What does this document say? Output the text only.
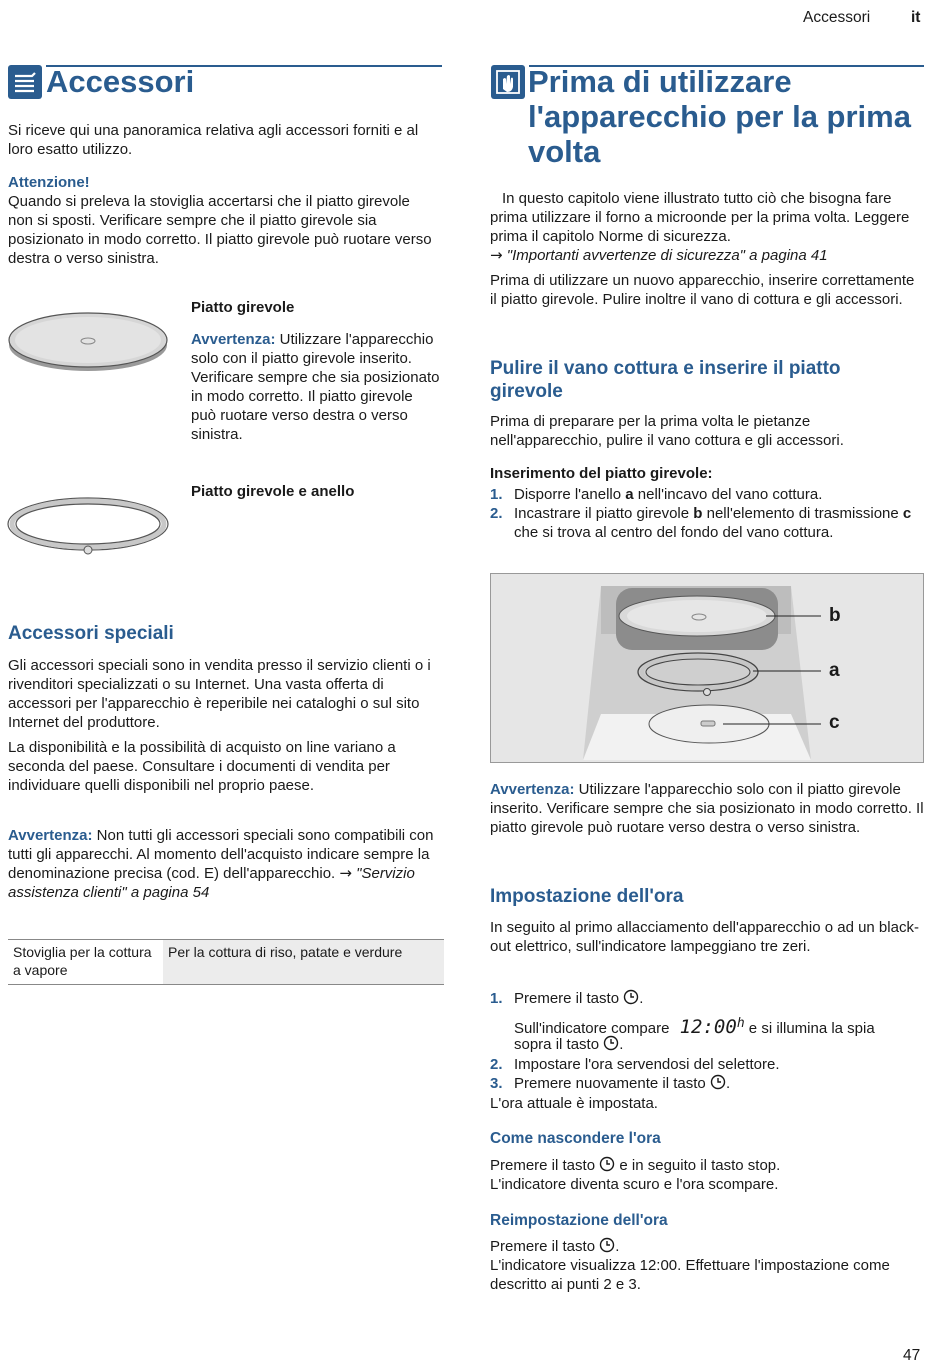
Accessori	it
Accessori

Si riceve qui una panoramica relativa agli accessori forniti e al loro esatto utilizzo.

Attenzione!

Quando si preleva la stoviglia accertarsi che il piatto girevole non si sposti. Verificare sempre che il piatto girevole sia posizionato in modo corretto. Il piatto girevole può ruotare verso destra o verso sinistra.

Piatto girevole

Avvertenza: Utilizzare l'apparecchio solo con il piatto girevole inserito. Verificare sempre che sia posizionato in modo corretto. Il piatto girevole può ruotare verso destra o verso sinistra.

Piatto girevole e anello

Accessori speciali

Gli accessori speciali sono in vendita presso il servizio clienti o i rivenditori specializzati o su Internet. Una vasta offerta di accessori per l'apparecchio è reperibile nei cataloghi o sul sito Internet del produttore.

La disponibilità e la possibilità di acquisto on line variano a seconda del paese. Consultare i documenti di vendita per individuare quelli disponibili nel proprio paese.

Avvertenza: Non tutti gli accessori speciali sono compatibili con tutti gli apparecchi. Al momento dell'acquisto indicare sempre la denominazione precisa (cod. E) dell'apparecchio. → "Servizio assistenza clienti" a pagina 54

Stoviglia per la cottura a vapore	Per la cottura di riso, patate e verdure

Prima di utilizzare l'apparecchio per la prima volta

In questo capitolo viene illustrato tutto ciò che bisogna fare prima utilizzare il forno a microonde per la prima volta. Leggere prima il capitolo Norme di sicurezza.
→ "Importanti avvertenze di sicurezza" a pagina 41

Prima di utilizzare un nuovo apparecchio, inserire correttamente il piatto girevole. Pulire inoltre il vano di cottura e gli accessori.

Pulire il vano cottura e inserire il piatto girevole

Prima di preparare per la prima volta le pietanze nell'apparecchio, pulire il vano cottura e gli accessori.

Inserimento del piatto girevole:

1. Disporre l'anello a nell'incavo del vano cottura.
2. Incastrare il piatto girevole b nell'elemento di trasmissione c che si trova al centro del fondo del vano cottura.
b
a
c

Avvertenza: Utilizzare l'apparecchio solo con il piatto girevole inserito. Verificare sempre che sia posizionato in modo corretto. Il piatto girevole può ruotare verso destra o verso sinistra.

Impostazione dell'ora

In seguito al primo allacciamento dell'apparecchio o ad un black-out elettrico, sull'indicatore lampeggiano tre zeri.

1. Premere il tasto .
Sull'indicatore compare 12:00$^h$ e si illumina la spia
sopra il tasto .
2. Impostare l'ora servendosi del selettore.
3. Premere nuovamente il tasto .

L'ora attuale è impostata.

Come nascondere l'ora

Premere il tasto  e in seguito il tasto stop.
L'indicatore diventa scuro e l'ora scompare.

Reimpostazione dell'ora

Premere il tasto .
L'indicatore visualizza 12:00. Effettuare l'impostazione come descritto ai punti 2 e 3.

47
